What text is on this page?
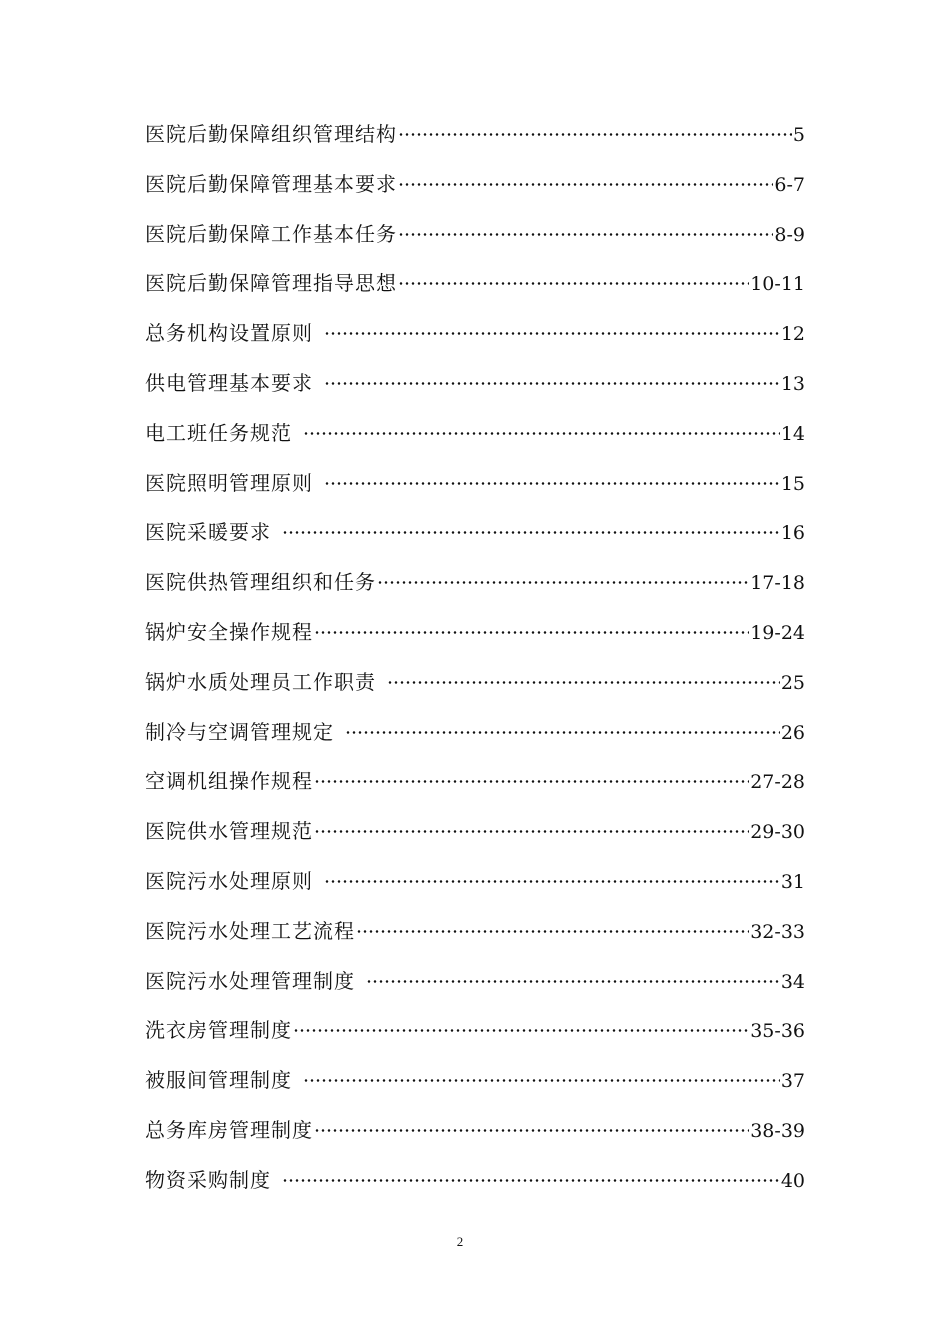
医院后勤保障组织管理结构	5
医院后勤保障管理基本要求	6-7
医院后勤保障工作基本任务	8-9
医院后勤保障管理指导思想	10-11
总务机构设置原则	12
供电管理基本要求	13
电工班任务规范	14
医院照明管理原则	15
医院采暖要求	16
医院供热管理组织和任务	17-18
锅炉安全操作规程	19-24
锅炉水质处理员工作职责	25
制冷与空调管理规定	26
空调机组操作规程	27-28
医院供水管理规范	29-30
医院污水处理原则	31
医院污水处理工艺流程	32-33
医院污水处理管理制度	34
洗衣房管理制度	35-36
被服间管理制度	37
总务库房管理制度	38-39
物资采购制度	40
2
